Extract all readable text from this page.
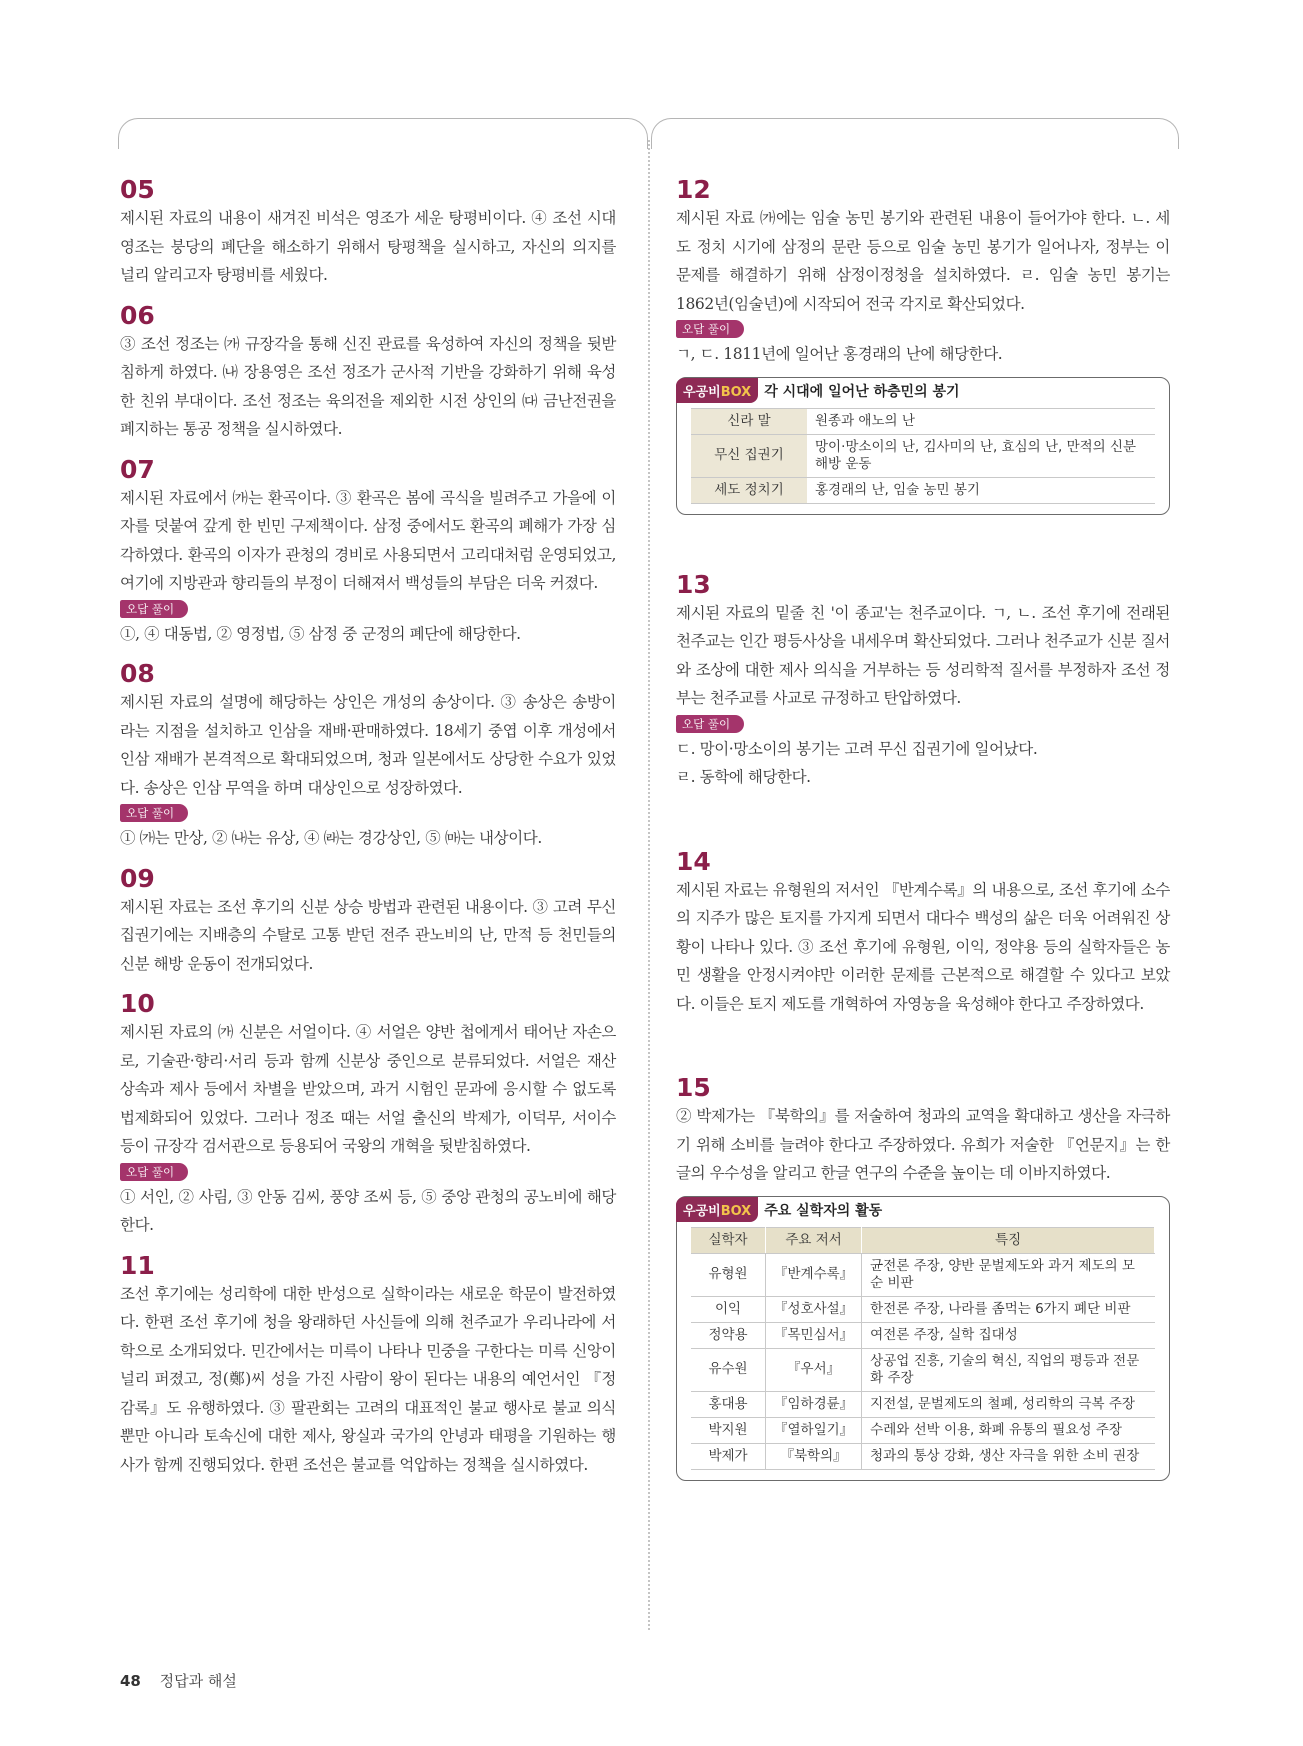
05

제시된 자료의 내용이 새겨진 비석은 영조가 세운 탕평비이다. ④ 조선 시대 영조는 붕당의 폐단을 해소하기 위해서 탕평책을 실시하고, 자신의 의지를 널리 알리고자 탕평비를 세웠다.

06

③ 조선 정조는 ㈎ 규장각을 통해 신진 관료를 육성하여 자신의 정책을 뒷받침하게 하였다. ㈏ 장용영은 조선 정조가 군사적 기반을 강화하기 위해 육성한 친위 부대이다. 조선 정조는 육의전을 제외한 시전 상인의 ㈐ 금난전권을 폐지하는 통공 정책을 실시하였다.

07

제시된 자료에서 ㈎는 환곡이다. ③ 환곡은 봄에 곡식을 빌려주고 가을에 이자를 덧붙여 갚게 한 빈민 구제책이다. 삼정 중에서도 환곡의 폐해가 가장 심각하였다. 환곡의 이자가 관청의 경비로 사용되면서 고리대처럼 운영되었고, 여기에 지방관과 향리들의 부정이 더해져서 백성들의 부담은 더욱 커졌다.

오답 풀이

①, ④ 대동법, ② 영정법, ⑤ 삼정 중 군정의 폐단에 해당한다.

08

제시된 자료의 설명에 해당하는 상인은 개성의 송상이다. ③ 송상은 송방이라는 지점을 설치하고 인삼을 재배·판매하였다. 18세기 중엽 이후 개성에서 인삼 재배가 본격적으로 확대되었으며, 청과 일본에서도 상당한 수요가 있었다. 송상은 인삼 무역을 하며 대상인으로 성장하였다.

오답 풀이

① ㈎는 만상, ② ㈏는 유상, ④ ㈑는 경강상인, ⑤ ㈒는 내상이다.

09

제시된 자료는 조선 후기의 신분 상승 방법과 관련된 내용이다. ③ 고려 무신 집권기에는 지배층의 수탈로 고통 받던 전주 관노비의 난, 만적 등 천민들의 신분 해방 운동이 전개되었다.

10

제시된 자료의 ㈎ 신분은 서얼이다. ④ 서얼은 양반 첩에게서 태어난 자손으로, 기술관·향리·서리 등과 함께 신분상 중인으로 분류되었다. 서얼은 재산 상속과 제사 등에서 차별을 받았으며, 과거 시험인 문과에 응시할 수 없도록 법제화되어 있었다. 그러나 정조 때는 서얼 출신의 박제가, 이덕무, 서이수 등이 규장각 검서관으로 등용되어 국왕의 개혁을 뒷받침하였다.

오답 풀이

① 서인, ② 사림, ③ 안동 김씨, 풍양 조씨 등, ⑤ 중앙 관청의 공노비에 해당한다.

11

조선 후기에는 성리학에 대한 반성으로 실학이라는 새로운 학문이 발전하였다. 한편 조선 후기에 청을 왕래하던 사신들에 의해 천주교가 우리나라에 서학으로 소개되었다. 민간에서는 미륵이 나타나 민중을 구한다는 미륵 신앙이 널리 퍼졌고, 정(鄭)씨 성을 가진 사람이 왕이 된다는 내용의 예언서인 『정감록』도 유행하였다. ③ 팔관회는 고려의 대표적인 불교 행사로 불교 의식뿐만 아니라 토속신에 대한 제사, 왕실과 국가의 안녕과 태평을 기원하는 행사가 함께 진행되었다. 한편 조선은 불교를 억압하는 정책을 실시하였다.

12

제시된 자료 ㈎에는 임술 농민 봉기와 관련된 내용이 들어가야 한다. ㄴ. 세도 정치 시기에 삼정의 문란 등으로 임술 농민 봉기가 일어나자, 정부는 이 문제를 해결하기 위해 삼정이정청을 설치하였다. ㄹ. 임술 농민 봉기는 1862년(임술년)에 시작되어 전국 각지로 확산되었다.

오답 풀이

ㄱ, ㄷ. 1811년에 일어난 홍경래의 난에 해당한다.

우공비BOX 각 시대에 일어난 하층민의 봉기
신라 말	원종과 애노의 난
무신 집권기	망이·망소이의 난, 김사미의 난, 효심의 난, 만적의 신분 해방 운동
세도 정치기	홍경래의 난, 임술 농민 봉기
13

제시된 자료의 밑줄 친 '이 종교'는 천주교이다. ㄱ, ㄴ. 조선 후기에 전래된 천주교는 인간 평등사상을 내세우며 확산되었다. 그러나 천주교가 신분 질서와 조상에 대한 제사 의식을 거부하는 등 성리학적 질서를 부정하자 조선 정부는 천주교를 사교로 규정하고 탄압하였다.

오답 풀이

ㄷ. 망이·망소이의 봉기는 고려 무신 집권기에 일어났다.

ㄹ. 동학에 해당한다.

14

제시된 자료는 유형원의 저서인 『반계수록』의 내용으로, 조선 후기에 소수의 지주가 많은 토지를 가지게 되면서 대다수 백성의 삶은 더욱 어려워진 상황이 나타나 있다. ③ 조선 후기에 유형원, 이익, 정약용 등의 실학자들은 농민 생활을 안정시켜야만 이러한 문제를 근본적으로 해결할 수 있다고 보았다. 이들은 토지 제도를 개혁하여 자영농을 육성해야 한다고 주장하였다.

15

② 박제가는 『북학의』를 저술하여 청과의 교역을 확대하고 생산을 자극하기 위해 소비를 늘려야 한다고 주장하였다. 유희가 저술한 『언문지』는 한글의 우수성을 알리고 한글 연구의 수준을 높이는 데 이바지하였다.

우공비BOX 주요 실학자의 활동
실학자	주요 저서	특징
유형원	『반계수록』	균전론 주장, 양반 문벌제도와 과거 제도의 모순 비판
이익	『성호사설』	한전론 주장, 나라를 좀먹는 6가지 폐단 비판
정약용	『목민심서』	여전론 주장, 실학 집대성
유수원	『우서』	상공업 진흥, 기술의 혁신, 직업의 평등과 전문화 주장
홍대용	『임하경륜』	지전설, 문벌제도의 철폐, 성리학의 극복 주장
박지원	『열하일기』	수레와 선박 이용, 화폐 유통의 필요성 주장
박제가	『북학의』	청과의 통상 강화, 생산 자극을 위한 소비 권장
48 정답과 해설
